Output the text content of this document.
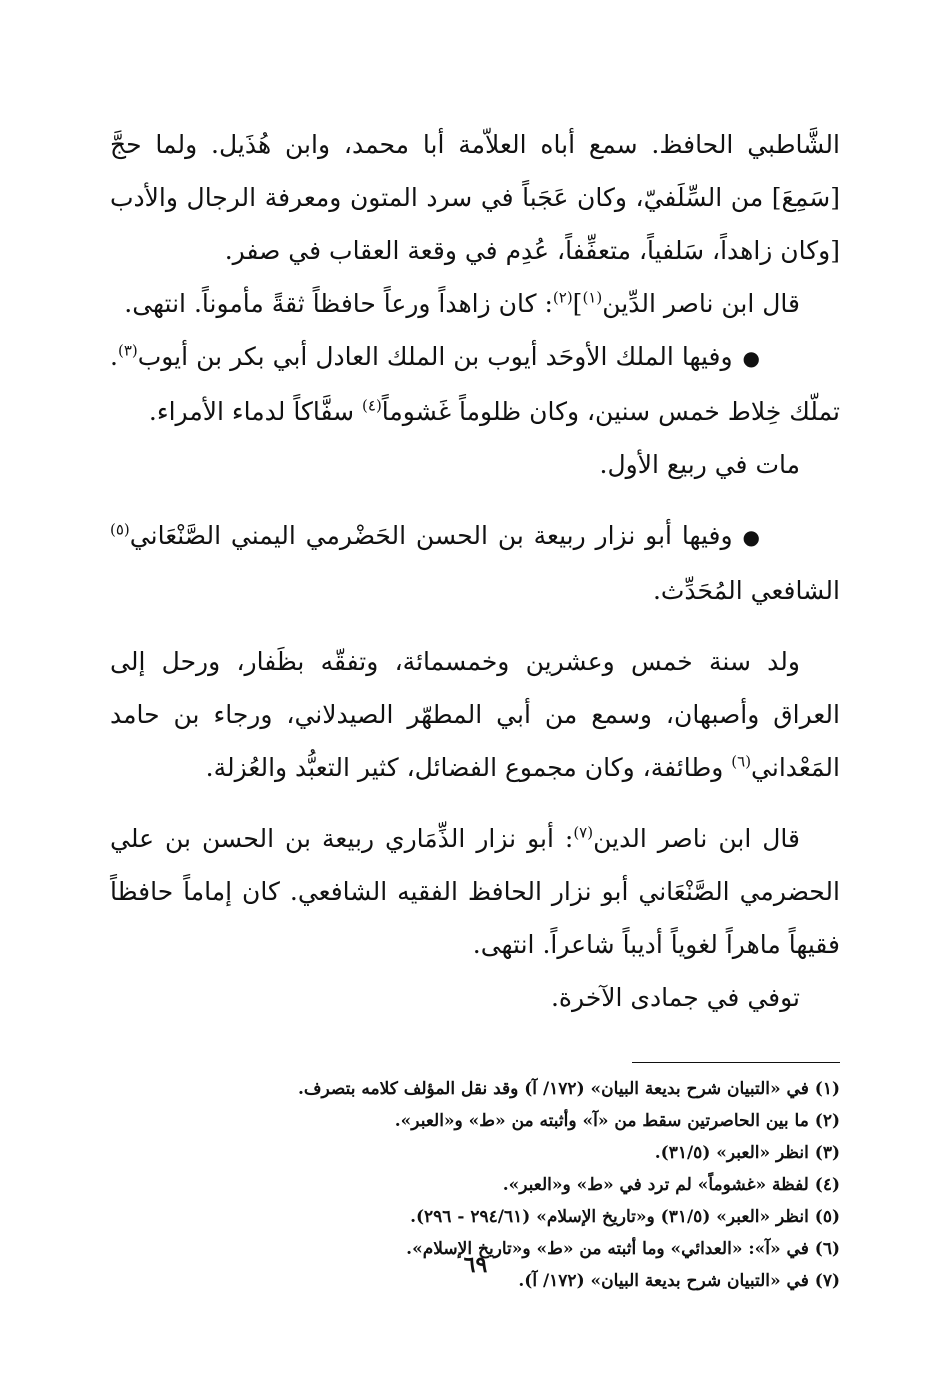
الشَّاطبي الحافظ. سمع أباه العلاّمة أبا محمد، وابن هُذَيل. ولما حجَّ [سَمِعَ] من السِّلَفيّ، وكان عَجَباً في سرد المتون ومعرفة الرجال والأدب [وكان زاهداً، سَلفياً، متعفِّفاً، عُدِم في وقعة العقاب في صفر.

قال ابن ناصر الدِّين$^{(١)}$]$^{(٢)}$: كان زاهداً ورعاً حافظاً ثقةً مأموناً. انتهى.

●وفيها الملك الأوحَد أيوب بن الملك العادل أبي بكر بن أيوب$^{(٣)}$. تملّك خِلاط خمس سنين، وكان ظلوماً غَشوماً$^{(٤)}$ سفَّاكاً لدماء الأمراء.

مات في ربيع الأول.

●وفيها أبو نزار ربيعة بن الحسن الحَضْرمي اليمني الصَّنْعَاني$^{(٥)}$ الشافعي المُحَدِّث.

ولد سنة خمس وعشرين وخمسمائة، وتفقّه بظَفار، ورحل إلى العراق وأصبهان، وسمع من أبي المطهّر الصيدلاني، ورجاء بن حامد المَعْداني$^{(٦)}$ وطائفة، وكان مجموع الفضائل، كثير التعبُّد والعُزلة.

قال ابن ناصر الدين$^{(٧)}$: أبو نزار الذِّمَاري ربيعة بن الحسن بن علي الحضرمي الصَّنْعَاني أبو نزار الحافظ الفقيه الشافعي. كان إماماً حافظاً فقيهاً ماهراً لغوياً أديباً شاعراً. انتهى.

توفي في جمادى الآخرة.

(١) في «التبيان شرح بديعة البيان» (١٧٢/ آ) وقد نقل المؤلف كلامه بتصرف.

(٢) ما بين الحاصرتين سقط من «آ» وأثبته من «ط» و«العبر».

(٣) انظر «العبر» (٣١/٥).

(٤) لفظة «غشوماً» لم ترد في «ط» و«العبر».

(٥) انظر «العبر» (٣١/٥) و«تاريخ الإسلام» (٢٩٤/٦١ - ٢٩٦).

(٦) في «آ»: «العدائي» وما أثبته من «ط» و«تاريخ الإسلام».

(٧) في «التبيان شرح بديعة البيان» (١٧٢/ آ).

٦٩
